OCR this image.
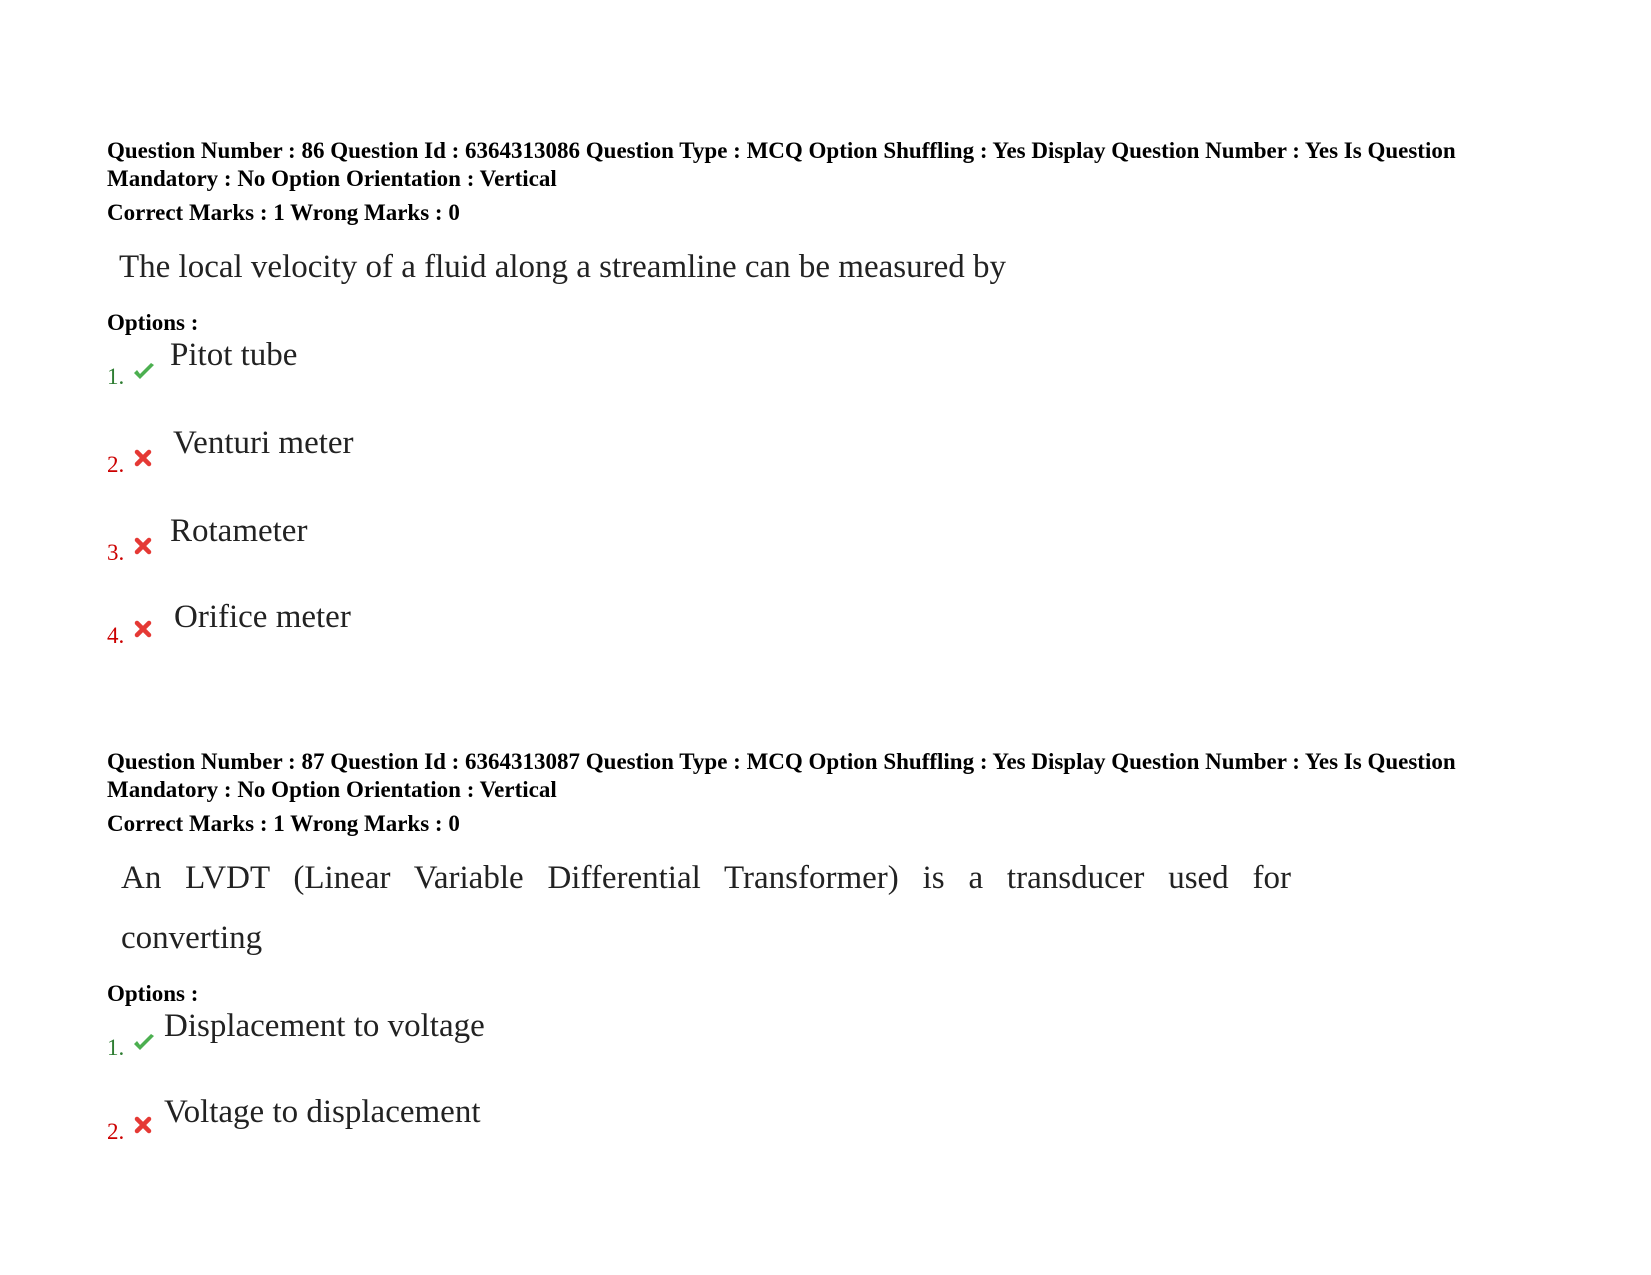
Question Number : 86 Question Id : 6364313086 Question Type : MCQ Option Shuffling : Yes Display Question Number : Yes Is Question Mandatory : No Option Orientation : Vertical

Correct Marks : 1 Wrong Marks : 0
The local velocity of a fluid along a streamline can be measured by
Options :
1.
Pitot tube
2.
Venturi meter
3.
Rotameter
4.
Orifice meter

Question Number : 87 Question Id : 6364313087 Question Type : MCQ Option Shuffling : Yes Display Question Number : Yes Is Question Mandatory : No Option Orientation : Vertical

Correct Marks : 1 Wrong Marks : 0
An LVDT (Linear Variable Differential Transformer) is a transducer used for converting
Options :
1.
Displacement to voltage
2.
Voltage to displacement
